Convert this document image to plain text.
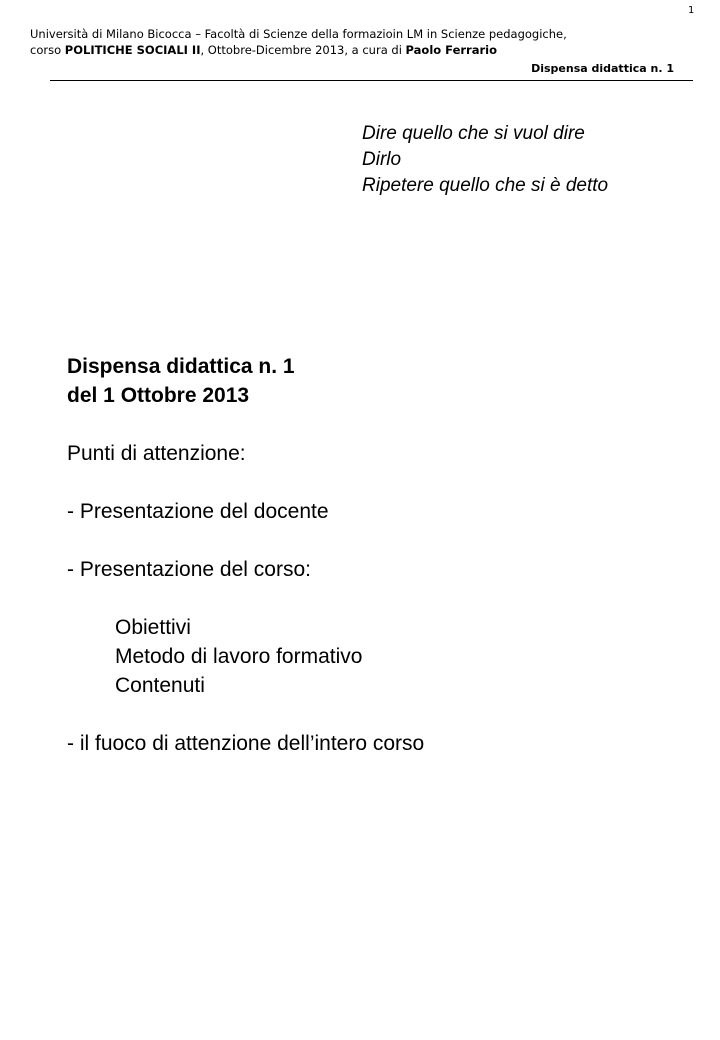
1
Università di Milano Bicocca – Facoltà di Scienze della formazioin LM in Scienze pedagogiche,
corso POLITICHE SOCIALI II, Ottobre-Dicembre 2013, a cura di Paolo Ferrario
Dispensa didattica n. 1
Dire quello che si vuol dire
Dirlo
Ripetere quello che si è detto
Dispensa didattica n. 1
del 1 Ottobre 2013
Punti di attenzione:
- Presentazione del docente
- Presentazione del corso:
Obiettivi
Metodo di lavoro formativo
Contenuti
- il fuoco di attenzione dell’intero corso
